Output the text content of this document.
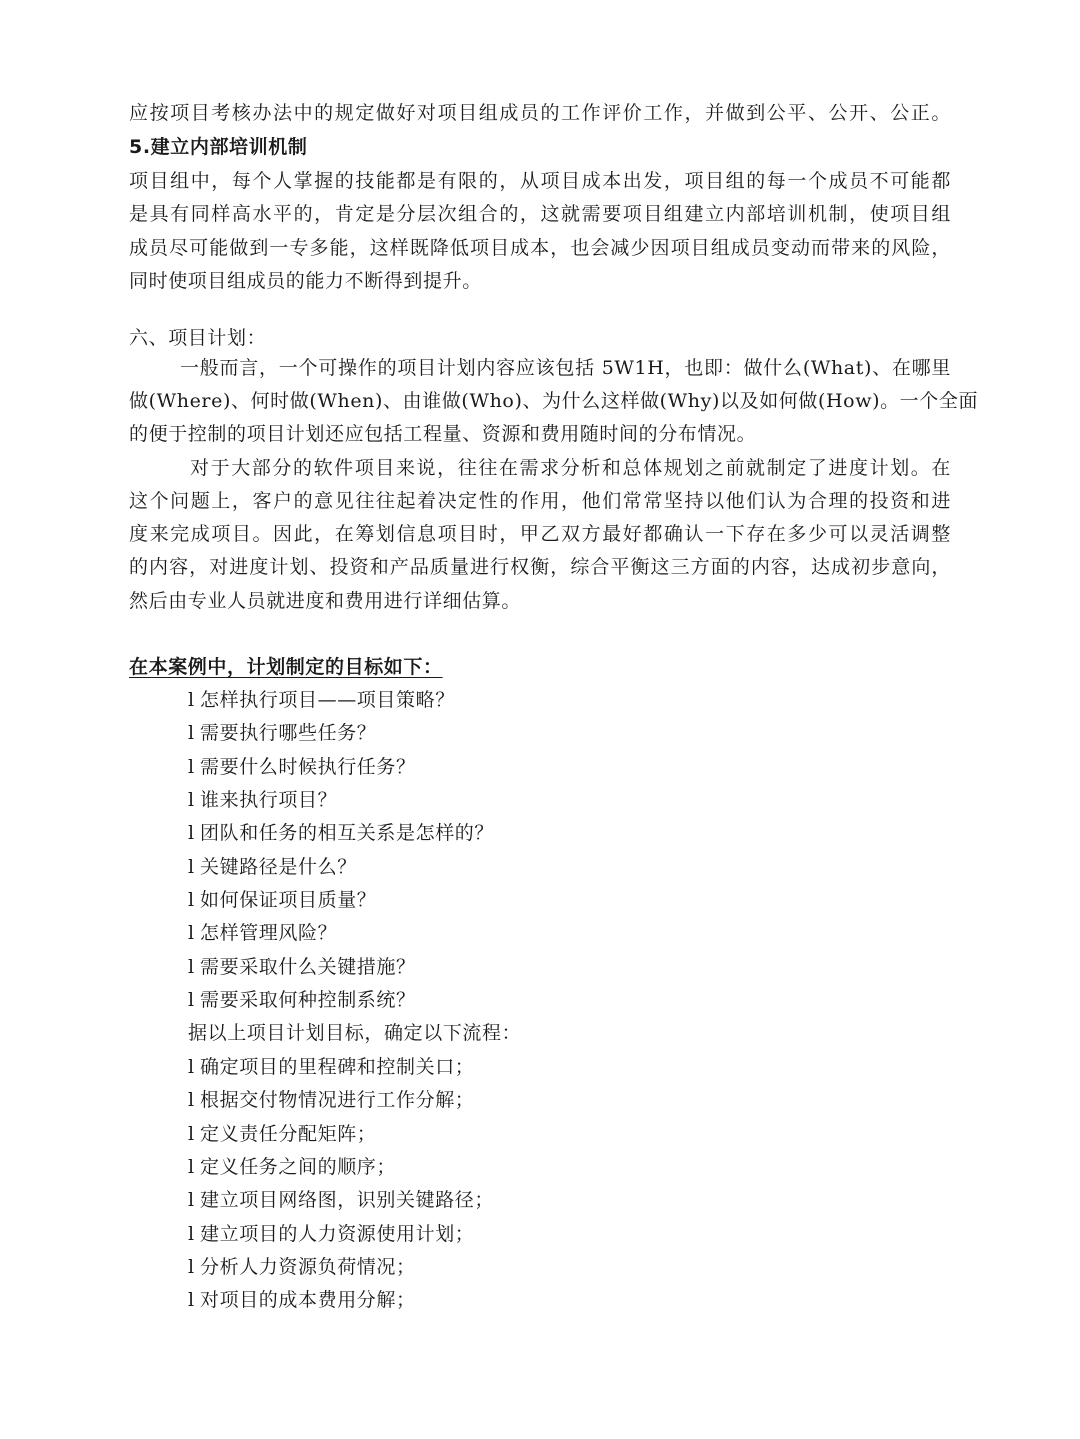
应按项目考核办法中的规定做好对项目组成员的工作评价工作，并做到公平、公开、公正。
5.建立内部培训机制
项目组中，每个人掌握的技能都是有限的，从项目成本出发，项目组的每一个成员不可能都
是具有同样高水平的，肯定是分层次组合的，这就需要项目组建立内部培训机制，使项目组
成员尽可能做到一专多能，这样既降低项目成本，也会减少因项目组成员变动而带来的风险，
同时使项目组成员的能力不断得到提升。
六、项目计划：
一般而言，一个可操作的项目计划内容应该包括 5W1H，也即：做什么(What)、在哪里
做(Where)、何时做(When)、由谁做(Who)、为什么这样做(Why)以及如何做(How)。一个全面
的便于控制的项目计划还应包括工程量、资源和费用随时间的分布情况。
对于大部分的软件项目来说，往往在需求分析和总体规划之前就制定了进度计划。在
这个问题上，客户的意见往往起着决定性的作用，他们常常坚持以他们认为合理的投资和进
度来完成项目。因此，在筹划信息项目时，甲乙双方最好都确认一下存在多少可以灵活调整
的内容，对进度计划、投资和产品质量进行权衡，综合平衡这三方面的内容，达成初步意向，
然后由专业人员就进度和费用进行详细估算。
在本案例中，计划制定的目标如下：
l 怎样执行项目——项目策略？
l 需要执行哪些任务？
l 需要什么时候执行任务？
l 谁来执行项目？
l 团队和任务的相互关系是怎样的？
l 关键路径是什么？
l 如何保证项目质量？
l 怎样管理风险？
l 需要采取什么关键措施？
l 需要采取何种控制系统？
据以上项目计划目标，确定以下流程：
l 确定项目的里程碑和控制关口；
l 根据交付物情况进行工作分解；
l 定义责任分配矩阵；
l 定义任务之间的顺序；
l 建立项目网络图，识别关键路径；
l 建立项目的人力资源使用计划；
l 分析人力资源负荷情况；
l 对项目的成本费用分解；
